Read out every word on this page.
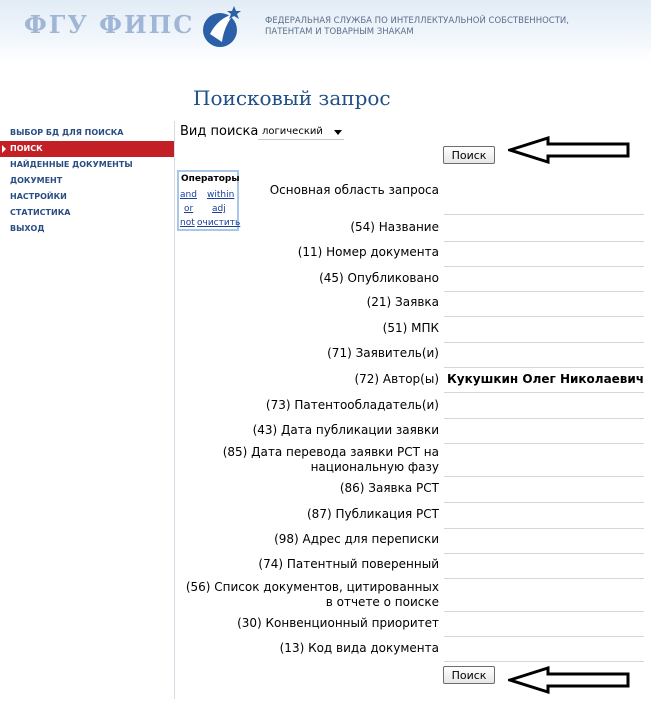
ФГУ ФИПС	ФЕДЕРАЛЬНАЯ СЛУЖБА ПО ИНТЕЛЛЕКТУАЛЬНОЙ СОБСТВЕННОСТИ,
ПАТЕНТАМ И ТОВАРНЫМ ЗНАКАМ
Поисковый запрос
ВЫБОР БД ДЛЯ ПОИСКА
ПОИСК
НАЙДЕННЫЕ ДОКУМЕНТЫ
ДОКУМЕНТ
НАСТРОЙКИ
СТАТИСТИКА
ВЫХОД
Вид поиска логический
Поиск
Операторы
and within
or adj
not очистить
Основная область запроса
(54) Название
(11) Номер документа
(45) Опубликовано
(21) Заявка
(51) МПК
(71) Заявитель(и)
(72) Автор(ы) Кукушкин Олег Николаевич
(73) Патентообладатель(и)
(43) Дата публикации заявки
(85) Дата перевода заявки PCT на
национальную фазу
(86) Заявка PCT
(87) Публикация PCT
(98) Адрес для переписки
(74) Патентный поверенный
(56) Список документов, цитированных
в отчете о поиске
(30) Конвенционный приоритет
(13) Код вида документа
Поиск
